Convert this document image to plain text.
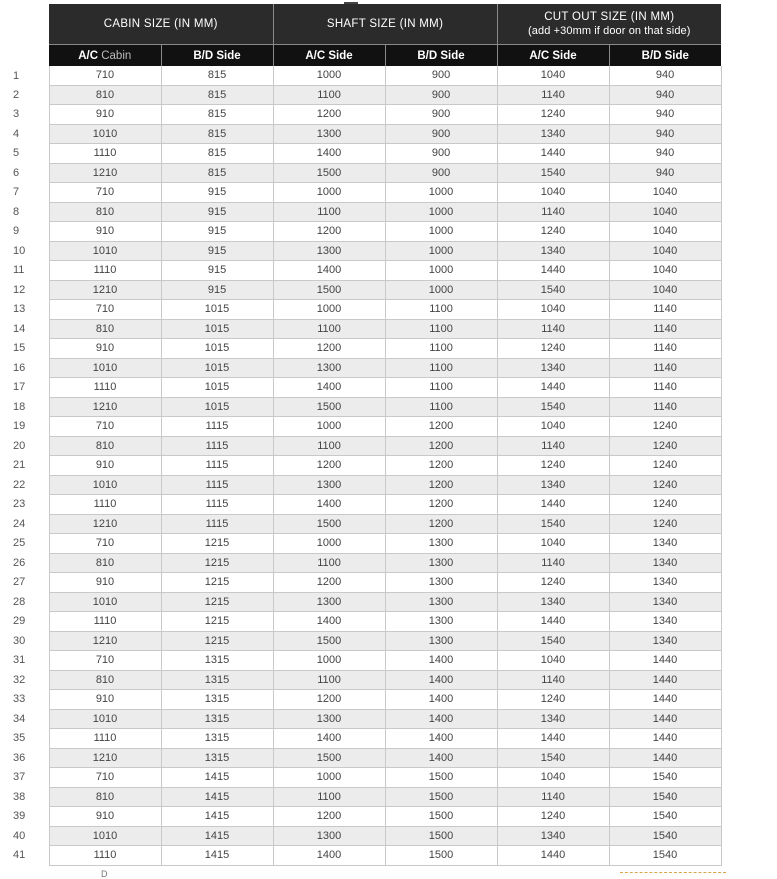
	CABIN SIZE (IN MM)		SHAFT SIZE (IN MM)		CUT OUT SIZE (IN MM)
(add +30mm if door on that side)	

	A/C Cabin	B/D Side	A/C Side	B/D Side	A/C Side	B/D Side
1	710	815	1000	900	1040	940
2	810	815	1100	900	1140	940
3	910	815	1200	900	1240	940
4	1010	815	1300	900	1340	940
5	1110	815	1400	900	1440	940
6	1210	815	1500	900	1540	940
7	710	915	1000	1000	1040	1040
8	810	915	1100	1000	1140	1040
9	910	915	1200	1000	1240	1040
10	1010	915	1300	1000	1340	1040
11	1110	915	1400	1000	1440	1040
12	1210	915	1500	1000	1540	1040
13	710	1015	1000	1100	1040	1140
14	810	1015	1100	1100	1140	1140
15	910	1015	1200	1100	1240	1140
16	1010	1015	1300	1100	1340	1140
17	1110	1015	1400	1100	1440	1140
18	1210	1015	1500	1100	1540	1140
19	710	1115	1000	1200	1040	1240
20	810	1115	1100	1200	1140	1240
21	910	1115	1200	1200	1240	1240
22	1010	1115	1300	1200	1340	1240
23	1110	1115	1400	1200	1440	1240
24	1210	1115	1500	1200	1540	1240
25	710	1215	1000	1300	1040	1340
26	810	1215	1100	1300	1140	1340
27	910	1215	1200	1300	1240	1340
28	1010	1215	1300	1300	1340	1340
29	1110	1215	1400	1300	1440	1340
30	1210	1215	1500	1300	1540	1340
31	710	1315	1000	1400	1040	1440
32	810	1315	1100	1400	1140	1440
33	910	1315	1200	1400	1240	1440
34	1010	1315	1300	1400	1340	1440
35	1110	1315	1400	1400	1440	1440
36	1210	1315	1500	1400	1540	1440
37	710	1415	1000	1500	1040	1540
38	810	1415	1100	1500	1140	1540
39	910	1415	1200	1500	1240	1540
40	1010	1415	1300	1500	1340	1540
41	1110	1415	1400	1500	1440	1540
D
